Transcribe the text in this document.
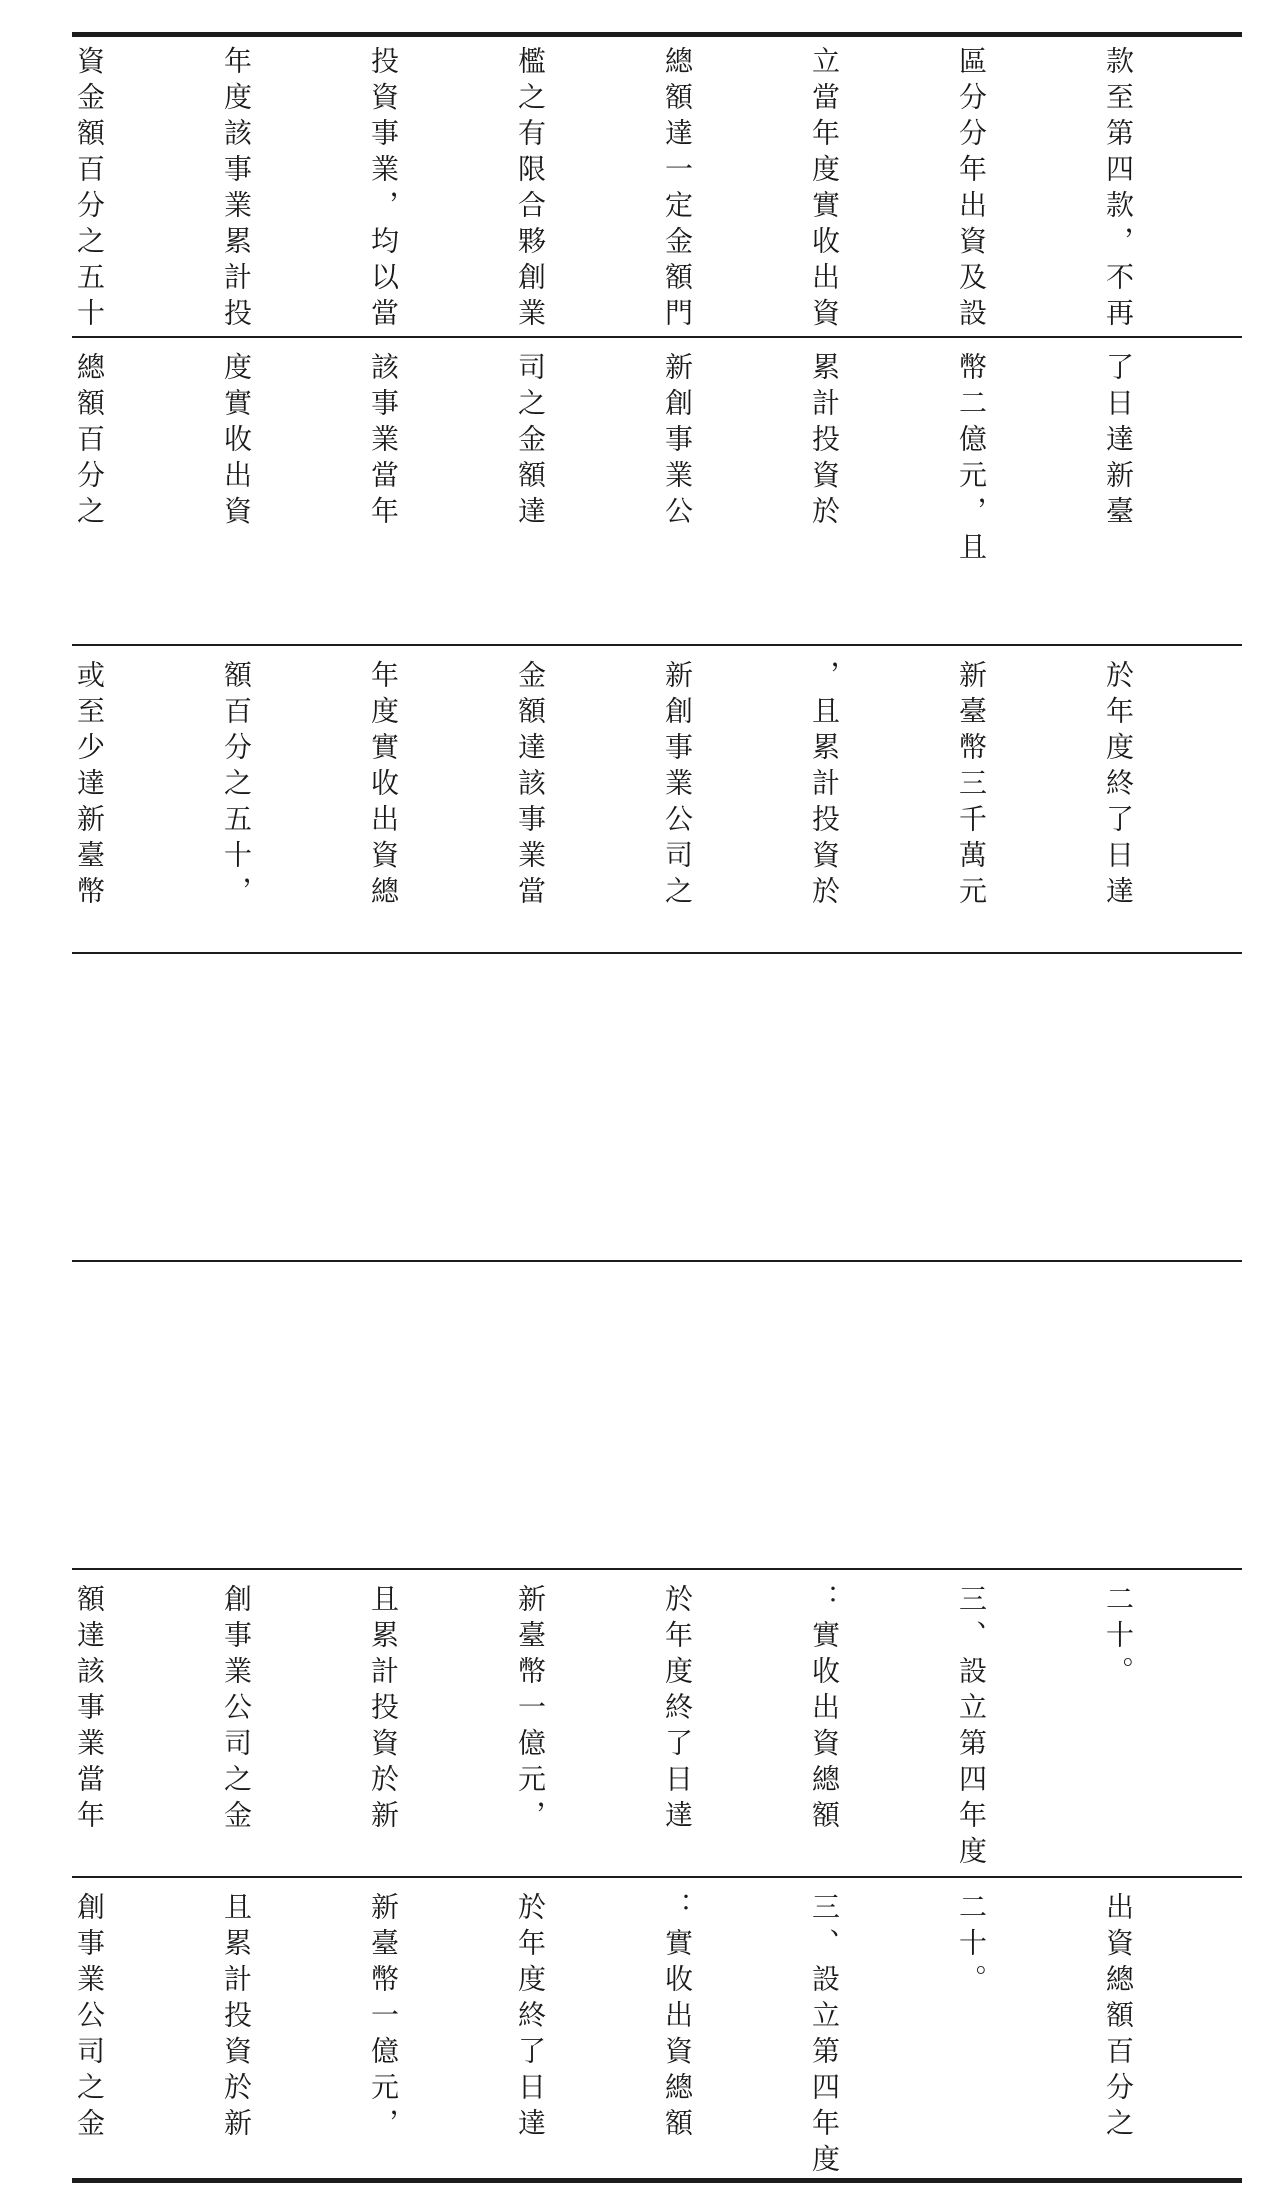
款至第四款，不再

區分分年出資及設

立當年度實收出資

總額達一定金額門

檻之有限合夥創業

投資事業，均以當

年度該事業累計投

資金額百分之五十

了日達新臺

幣二億元，且

累計投資於

新創事業公

司之金額達

該事業當年

度實收出資

總額百分之

於年度終了日達

新臺幣三千萬元

，且累計投資於

新創事業公司之

金額達該事業當

年度實收出資總

額百分之五十，

或至少達新臺幣

二十。

三、設立第四年度

：實收出資總額

於年度終了日達

新臺幣一億元，

且累計投資於新

創事業公司之金

額達該事業當年

出資總額百分之

二十。

三、設立第四年度

：實收出資總額

於年度終了日達

新臺幣一億元，

且累計投資於新

創事業公司之金
